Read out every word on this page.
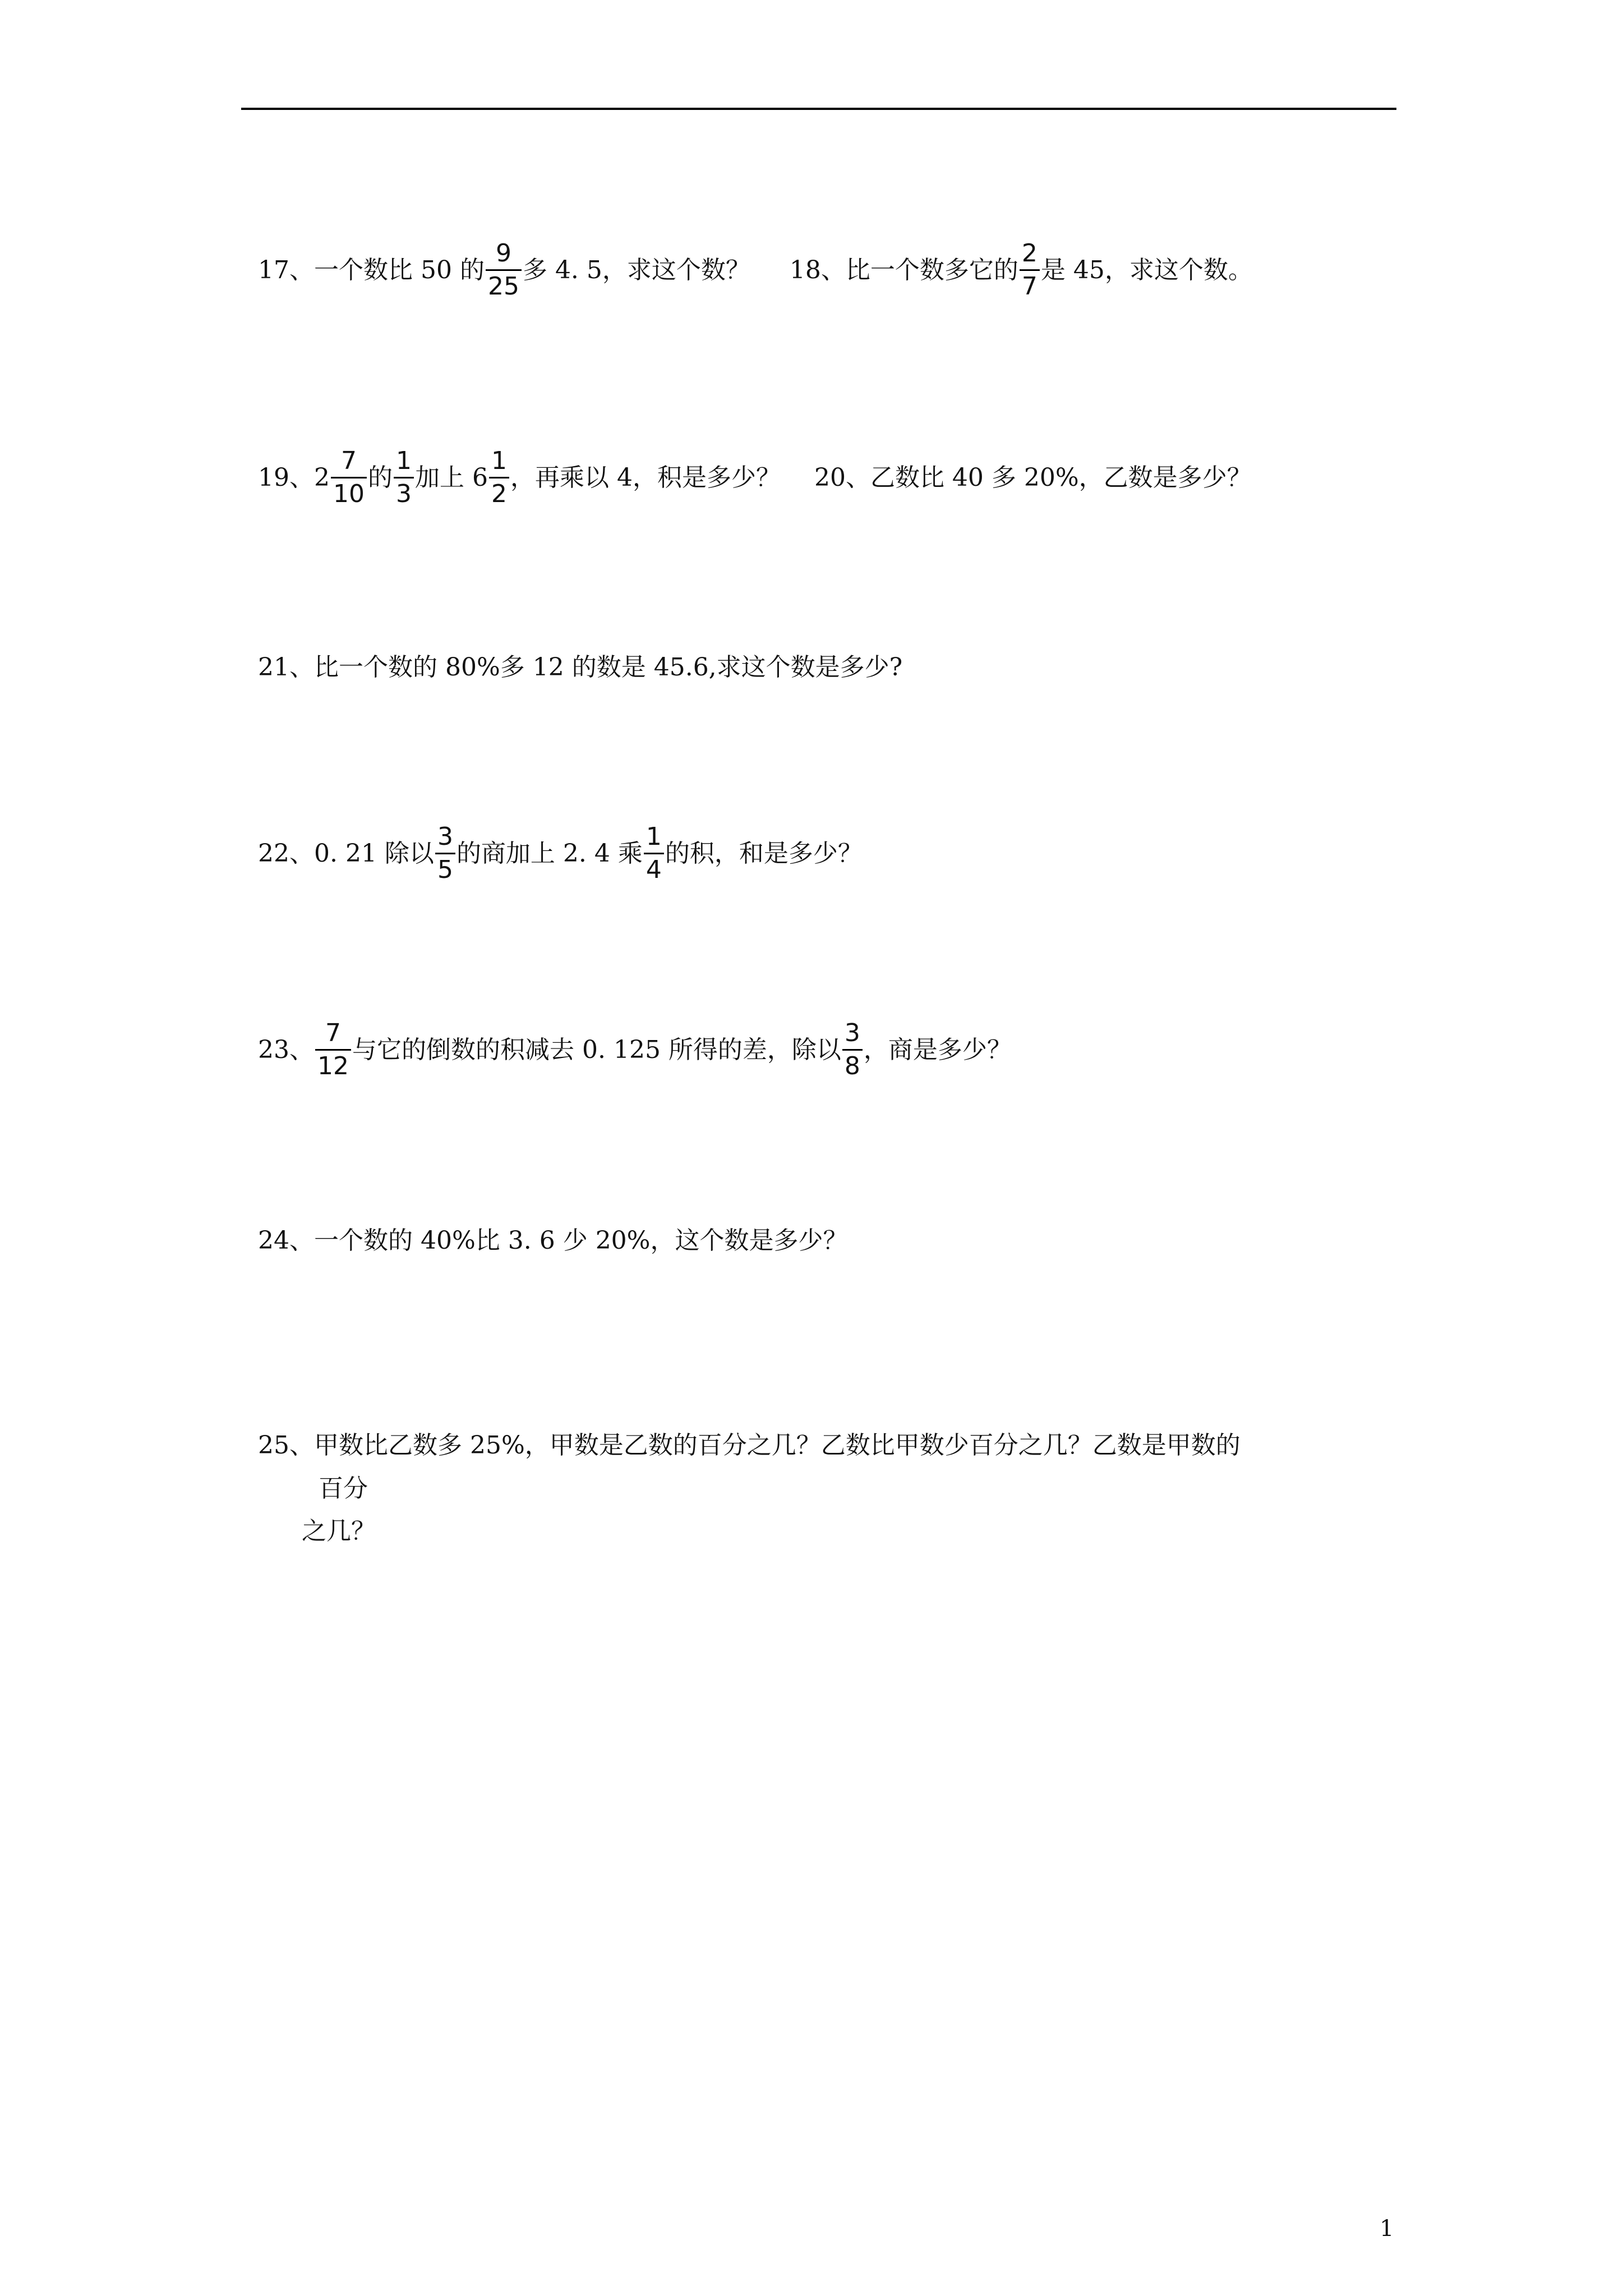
17、一个数比 50 的 $\frac{9}{25}$ 多 4. 5，求这个数？ 18、比一个数多它的 $\frac{2}{7}$ 是 45，求这个数。
19、$2 \frac{7}{10}$ 的 $\frac{1}{3}$ 加上 $6 \frac{1}{2}$ ，再乘以 4，积是多少？ 20、乙数比 40 多 20%，乙数是多少？
21、比一个数的 80%多 12 的数是 45.6,求这个数是多少?
22、0. 21 除以 $\frac{3}{5}$ 的商加上 2. 4 乘 $\frac{1}{4}$ 的积，和是多少？
23、 $\frac{7}{12}$ 与它的倒数的积减去 0. 125 所得的差，除以 $\frac{3}{8}$ ，商是多少？
24、一个数的 40%比 3. 6 少 20%，这个数是多少？
25、甲数比乙数多 25%，甲数是乙数的百分之几？乙数比甲数少百分之几？乙数是甲数的
百分
之几？
1
